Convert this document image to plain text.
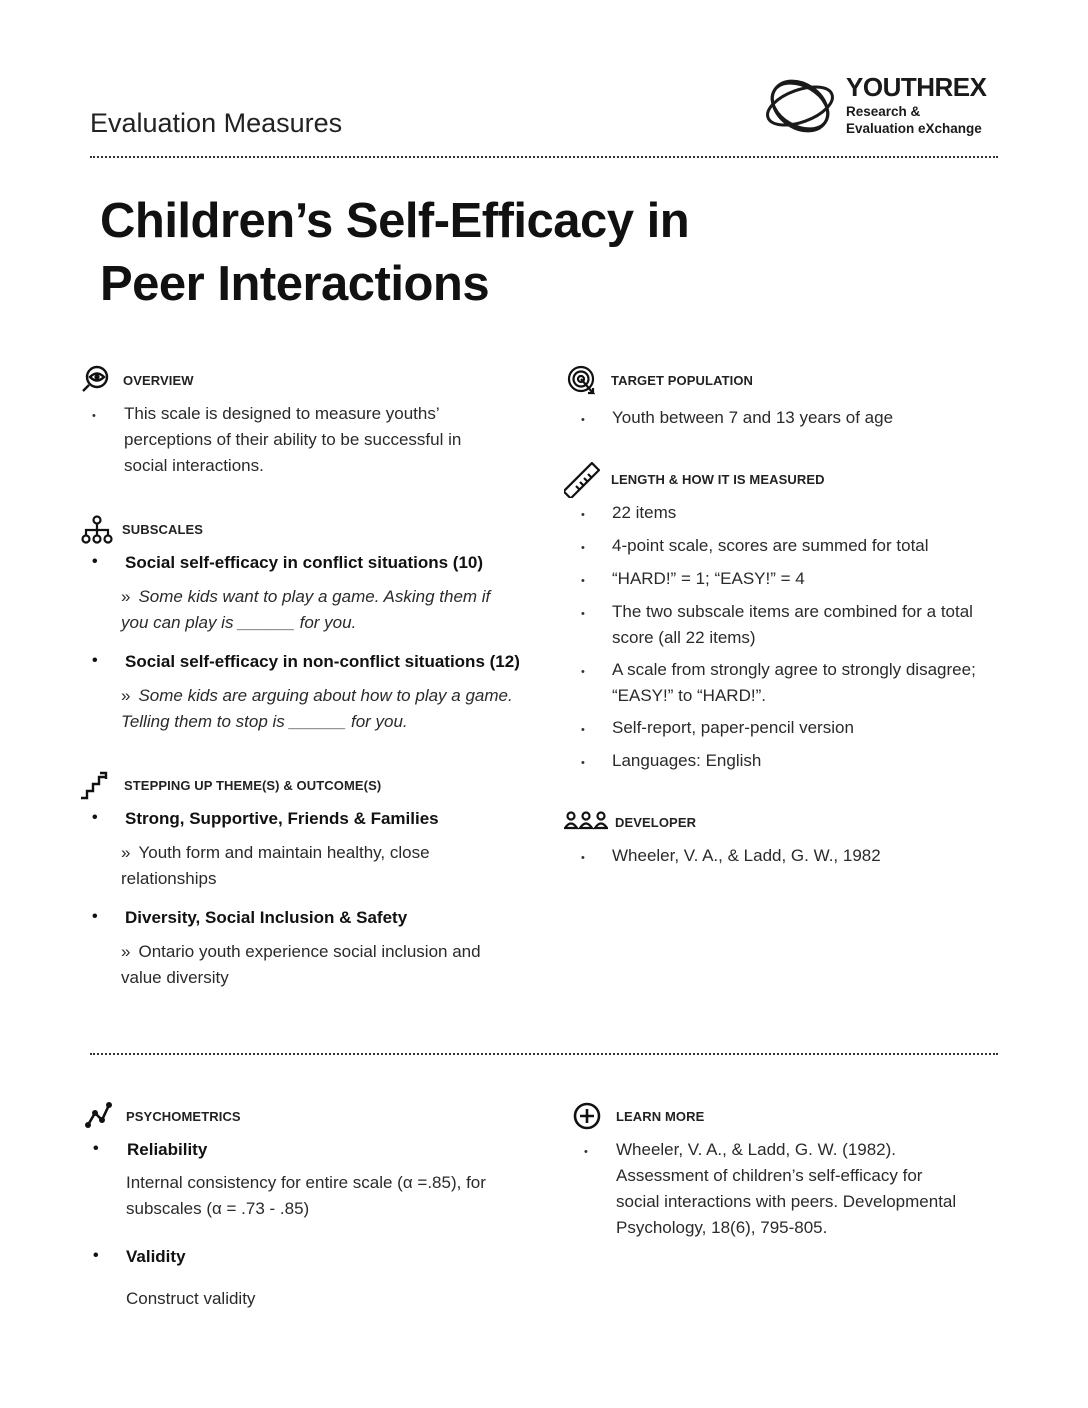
Evaluation Measures
YOUTHREX
Research &
Evaluation eXchange
Children’s Self-Efficacy in
Peer Interactions
OVERVIEW
• This scale is designed to measure youths’
perceptions of their ability to be successful in
social interactions.
SUBSCALES
• Social self-efficacy in conflict situations (10)
» Some kids want to play a game. Asking them if
you can play is ______ for you.
• Social self-efficacy in non-conflict situations (12)
» Some kids are arguing about how to play a game.
Telling them to stop is ______ for you.
STEPPING UP THEME(S) & OUTCOME(S)
• Strong, Supportive, Friends & Families
» Youth form and maintain healthy, close
relationships
• Diversity, Social Inclusion & Safety
» Ontario youth experience social inclusion and
value diversity
TARGET POPULATION
• Youth between 7 and 13 years of age
LENGTH & HOW IT IS MEASURED
• 22 items
• 4-point scale, scores are summed for total
• “HARD!” = 1; “EASY!” = 4
• The two subscale items are combined for a total
score (all 22 items)
• A scale from strongly agree to strongly disagree;
“EASY!” to “HARD!”.
• Self-report, paper-pencil version
• Languages: English
DEVELOPER
• Wheeler, V. A., & Ladd, G. W., 1982
PSYCHOMETRICS
• Reliability
Internal consistency for entire scale (α =.85), for
subscales (α = .73 - .85)
• Validity
Construct validity
LEARN MORE
• Wheeler, V. A., & Ladd, G. W. (1982).
Assessment of children’s self-efficacy for
social interactions with peers. Developmental
Psychology, 18(6), 795-805.
